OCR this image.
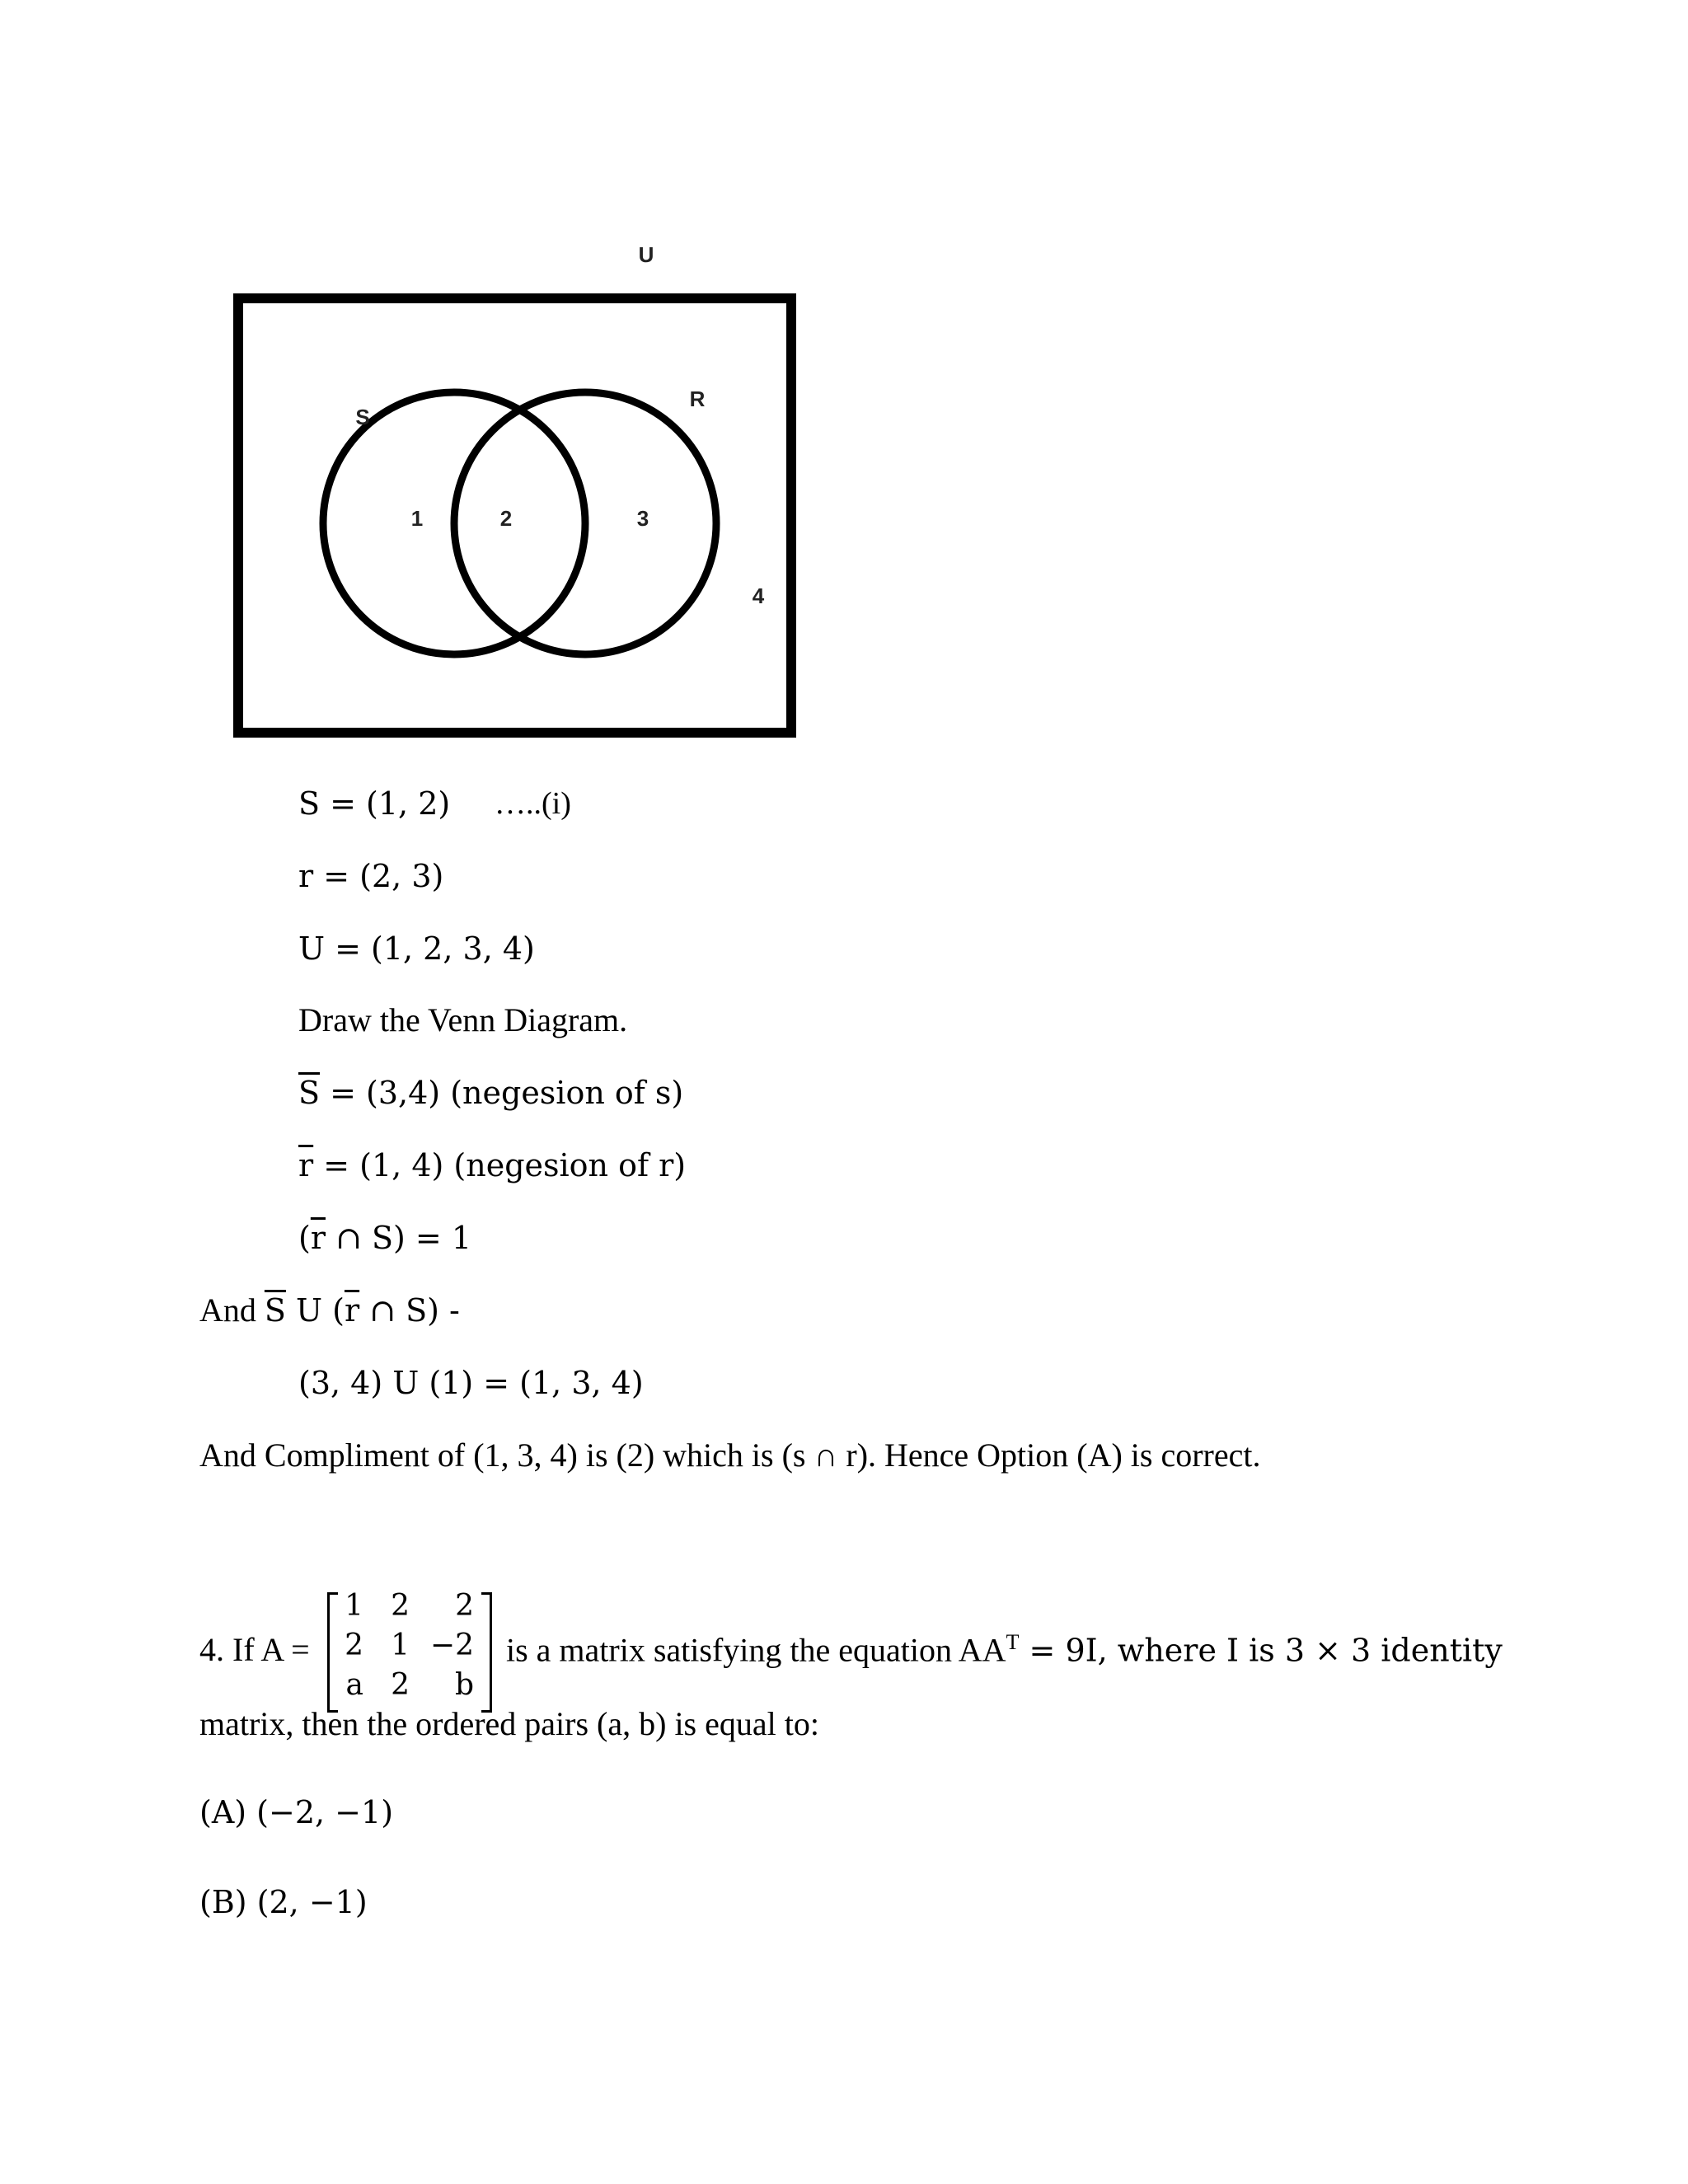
U
S
R
1	2	3
4
S = (1, 2) …..(i)
r = (2, 3)
U = (1, 2, 3, 4)
Draw the Venn Diagram.
$\overline{S} = (3,4)$ (negesion of s)
$\overline{r} = (1$, 4) (negesion of r)
($\overline{r}$ ∩ S) = 1
And $\overline{S}$ U ($\overline{r}$ ∩ S) -
(3, 4) U (1) = (1, 3, 4)
And Compliment of (1, 3, 4) is (2) which is (s ∩ r). Hence Option (A) is correct.
4. If A =
1 2	2
2 1 −2
a 2	b
is a matrix satisfying the equation $AA^T = 9I$, where I is 3 × 3 identity
matrix, then the ordered pairs (a, b) is equal to:
(A) (−2, −1)
(B) (2, −1)
